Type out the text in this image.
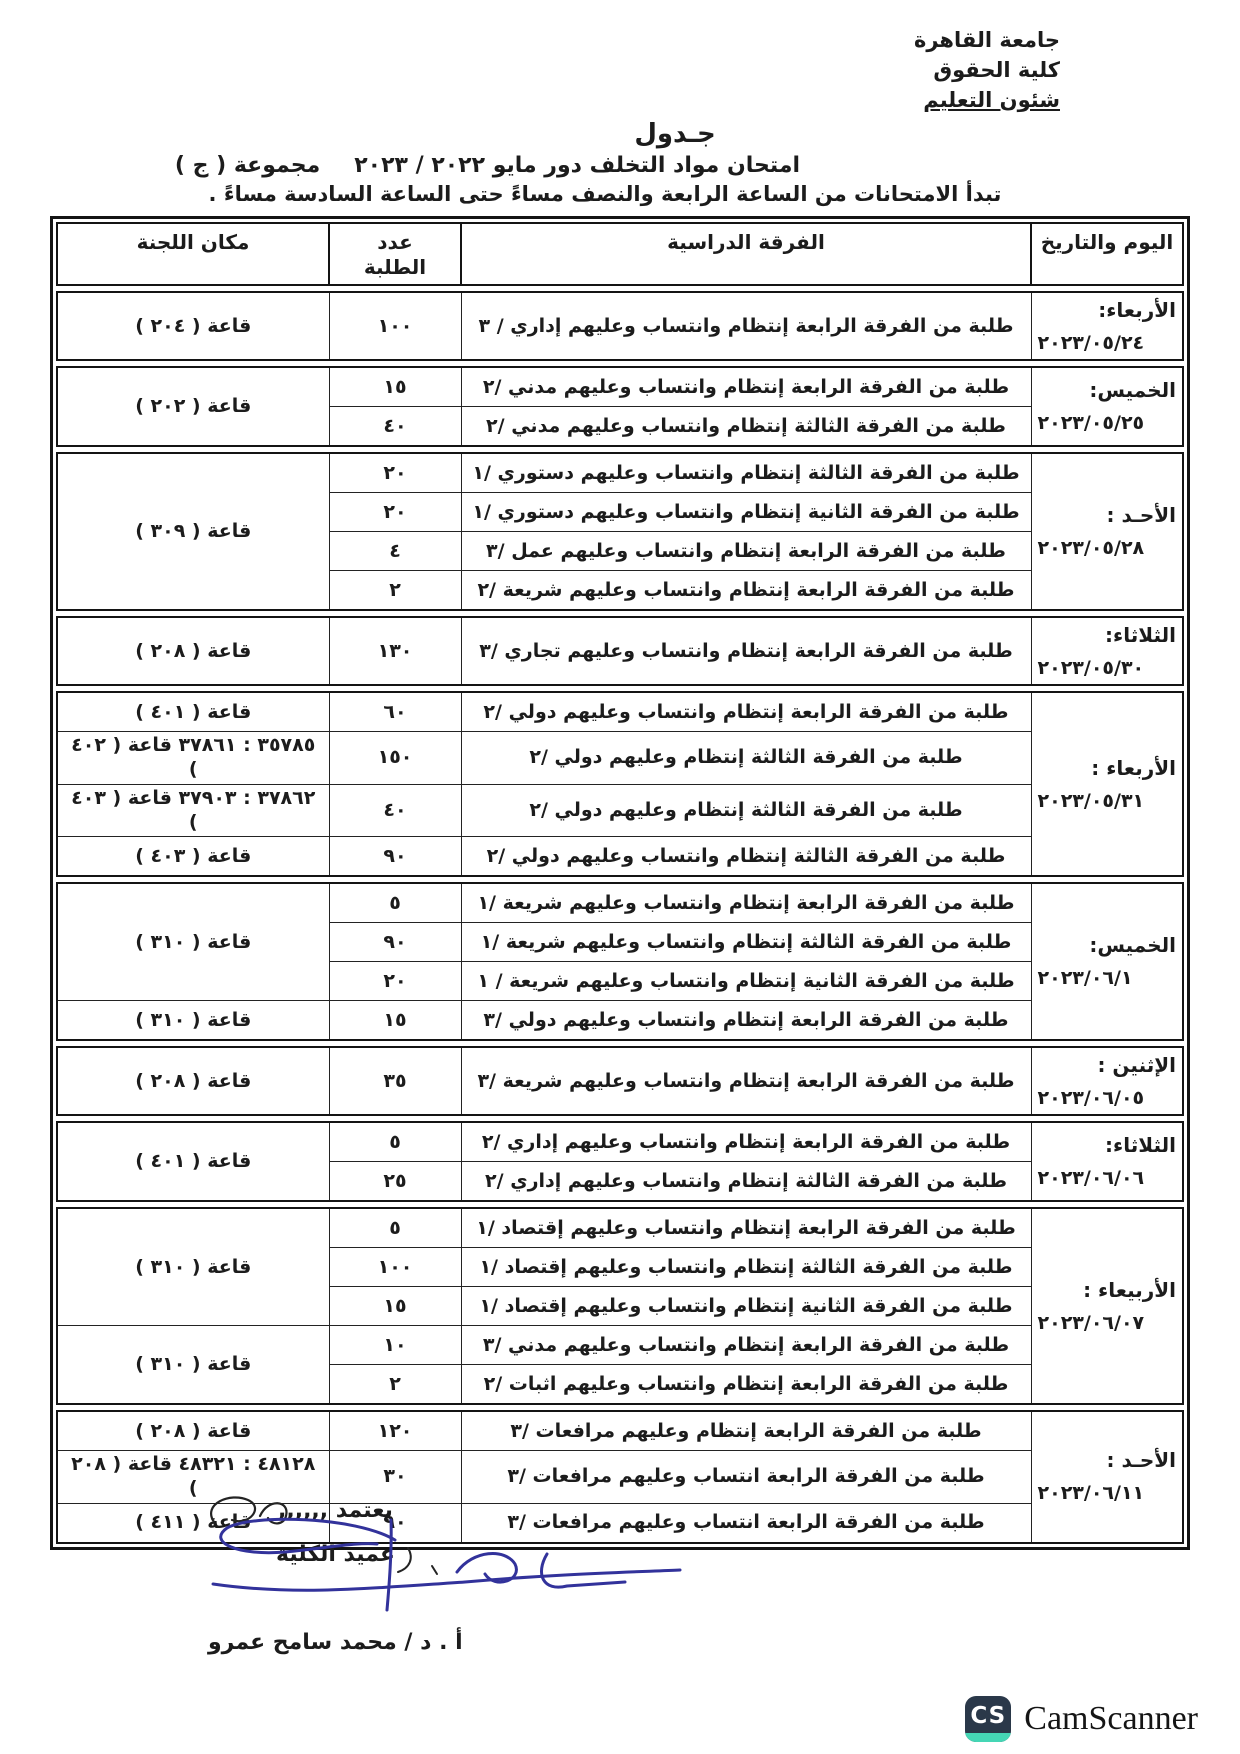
جامعة القاهرة
كلية الحقوق
شئون التعليم
جـدول
امتحان مواد التخلف دور مايو ٢٠٢٢ / ٢٠٢٣
مجموعة ( ج )
تبدأ الامتحانات من الساعة الرابعة والنصف مساءً حتى الساعة السادسة مساءً .
اليوم والتاريخ	الفرقة الدراسية	
عدد
الطلبة
	مكان اللجنة
الأربعاء:
٢٠٢٣/٠٥/٢٤
	طلبة من الفرقة الرابعة إنتظام وانتساب وعليهم إداري / ٣	١٠٠	قاعة ( ٢٠٤ )
الخميس:
٢٠٢٣/٠٥/٢٥	طلبة من الفرقة الرابعة إنتظام وانتساب وعليهم مدني /٢	١٥	قاعة ( ٢٠٢ )
	طلبة من الفرقة الثالثة إنتظام وانتساب وعليهم مدني /٢	٤٠	
الأحـد :
٢٠٢٣/٠٥/٢٨	طلبة من الفرقة الثالثة إنتظام وانتساب وعليهم دستوري /١	٢٠	قاعة ( ٣٠٩ )
	طلبة من الفرقة الثانية إنتظام وانتساب وعليهم دستوري /١	٢٠	
	طلبة من الفرقة الرابعة إنتظام وانتساب وعليهم عمل /٣	٤	
	طلبة من الفرقة الرابعة إنتظام وانتساب وعليهم شريعة /٢	٢	
الثلاثاء:
٢٠٢٣/٠٥/٣٠
	طلبة من الفرقة الرابعة إنتظام وانتساب وعليهم تجاري /٣	١٣٠	قاعة ( ٢٠٨ )
الأربعاء :
٢٠٢٣/٠٥/٣١	طلبة من الفرقة الرابعة إنتظام وانتساب وعليهم دولي /٢	٦٠	قاعة ( ٤٠١ )
	طلبة من الفرقة الثالثة إنتظام وعليهم دولي /٢	١٥٠	٣٥٧٨٥ : ٣٧٨٦١ قاعة ( ٤٠٢ )
	طلبة من الفرقة الثالثة إنتظام وعليهم دولي /٢	٤٠	٣٧٨٦٢ : ٣٧٩٠٣ قاعة ( ٤٠٣ )
	طلبة من الفرقة الثالثة إنتظام وانتساب وعليهم دولي /٢	٩٠	قاعة ( ٤٠٣ )
الخميس:
٢٠٢٣/٠٦/١	طلبة من الفرقة الرابعة إنتظام وانتساب وعليهم شريعة /١	٥	قاعة ( ٣١٠ )
	طلبة من الفرقة الثالثة إنتظام وانتساب وعليهم شريعة /١	٩٠	
	طلبة من الفرقة الثانية إنتظام وانتساب وعليهم شريعة / ١	٢٠	
	طلبة من الفرقة الرابعة إنتظام وانتساب وعليهم دولي /٣	١٥	قاعة ( ٣١٠ )
الإثنين :
٢٠٢٣/٠٦/٠٥
	طلبة من الفرقة الرابعة إنتظام وانتساب وعليهم شريعة /٣	٣٥	قاعة ( ٢٠٨ )
الثلاثاء:
٢٠٢٣/٠٦/٠٦	طلبة من الفرقة الرابعة إنتظام وانتساب وعليهم إداري /٢	٥	قاعة ( ٤٠١ )
	طلبة من الفرقة الثالثة إنتظام وانتساب وعليهم إداري /٢	٢٥	
الأربيعاء :
٢٠٢٣/٠٦/٠٧	طلبة من الفرقة الرابعة إنتظام وانتساب وعليهم إقتصاد /١	٥	قاعة ( ٣١٠ )
	طلبة من الفرقة الثالثة إنتظام وانتساب وعليهم إقتصاد /١	١٠٠	
	طلبة من الفرقة الثانية إنتظام وانتساب وعليهم إقتصاد /١	١٥	
	طلبة من الفرقة الرابعة إنتظام وانتساب وعليهم مدني /٣	١٠	قاعة ( ٣١٠ )
	طلبة من الفرقة الرابعة إنتظام وانتساب وعليهم اثبات /٢	٢	
الأحـد :
٢٠٢٣/٠٦/١١	طلبة من الفرقة الرابعة إنتظام وعليهم مرافعات /٣	١٢٠	قاعة ( ٢٠٨ )
	طلبة من الفرقة الرابعة انتساب وعليهم مرافعات /٣	٣٠	٤٨١٢٨ : ٤٨٣٢١ قاعة ( ٢٠٨ )
	طلبة من الفرقة الرابعة انتساب وعليهم مرافعات /٣	٩٠	قاعة ( ٤١١ ) يعتمد ,,,,,,
عميد الكلية
أ . د / محمد سامح عمرو
CS CamScanner
